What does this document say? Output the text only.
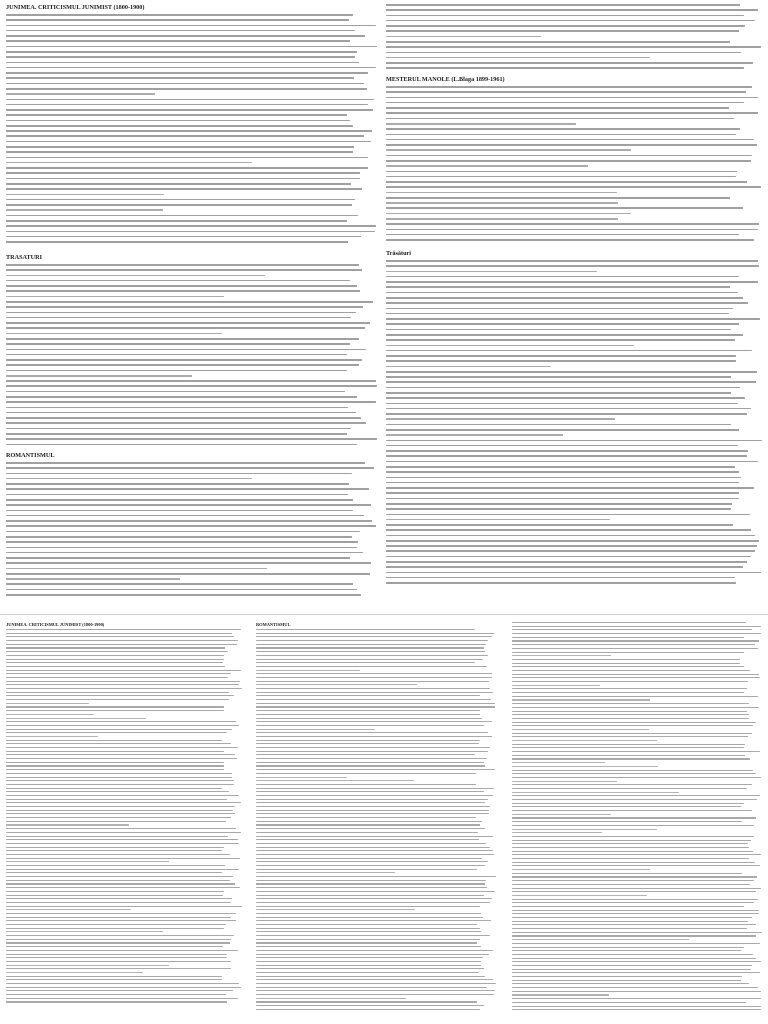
JUNIMEA. CRITICISMUL JUNIMIST (1800-1900)
TRASATURI
ROMANTISMUL
MESTERUL MANOLE (L.Blaga 1899-1961)
Trăsături
JUNIMEA. CRITICISMUL JUNIMIST (1800-1900)	ROMANTISMUL
